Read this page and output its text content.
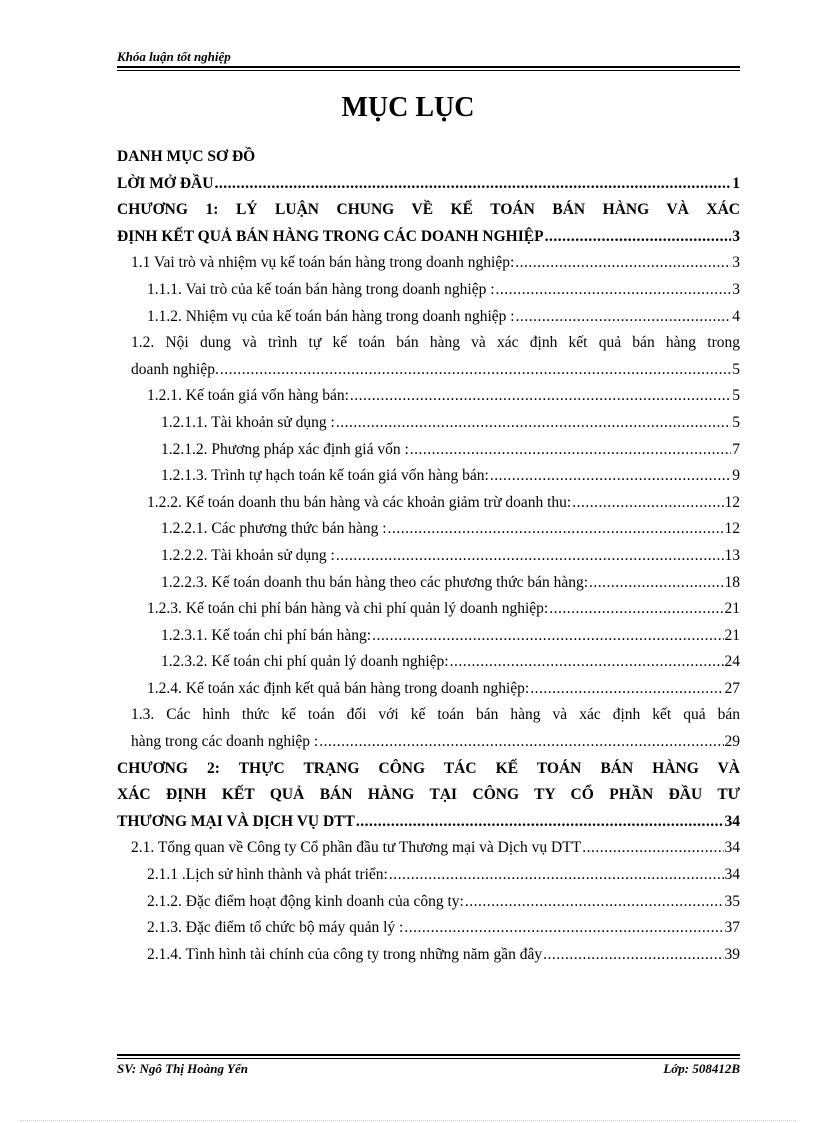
Khóa luận tốt nghiệp
MỤC LỤC
DANH MỤC SƠ ĐỒ
LỜI MỞ ĐẦU .....	1
CHƯƠNG 1: LÝ LUẬN CHUNG VỀ KẾ TOÁN BÁN HÀNG VÀ XÁC
ĐỊNH KẾT QUẢ BÁN HÀNG TRONG CÁC DOANH NGHIỆP .....	3
1.1 Vai trò và nhiệm vụ kế toán bán hàng trong doanh nghiệp: .....	3
1.1.1. Vai trò của kế toán bán hàng trong doanh nghiệp : .....	3
1.1.2. Nhiệm vụ của kế toán bán hàng trong doanh nghiệp : .....	4
1.2. Nội dung và trình tự kế toán bán hàng và xác định kết quả bán hàng trong
doanh nghiệp. .....	5
1.2.1. Kế toán giá vốn hàng bán: .....	5
1.2.1.1. Tài khoản sử dụng : .....	5
1.2.1.2. Phương pháp xác định giá vốn : .....	7
1.2.1.3. Trình tự hạch toán kế toán giá vốn hàng bán: .....	9
1.2.2. Kế toán doanh thu bán hàng và các khoản giảm trừ doanh thu: .....	12
1.2.2.1. Các phương thức bán hàng : .....	12
1.2.2.2. Tài khoản sử dụng : .....	13
1.2.2.3. Kế toán doanh thu bán hàng theo các phương thức bán hàng: .....	18
1.2.3. Kế toán chi phí bán hàng và chi phí quản lý doanh nghiệp: .....	21
1.2.3.1. Kế toán chi phí bán hàng: .....	21
1.2.3.2. Kế toán chi phí quản lý doanh nghiệp: .....	24
1.2.4. Kế toán xác định kết quả bán hàng trong doanh nghiệp: .....	27
1.3. Các hình thức kế toán đối với kế toán bán hàng và xác định kết quả bán
hàng trong các doanh nghiệp : .....	29
CHƯƠNG 2: THỰC TRẠNG CÔNG TÁC KẾ TOÁN BÁN HÀNG VÀ
XÁC ĐỊNH KẾT QUẢ BÁN HÀNG TẠI CÔNG TY CỔ PHẦN ĐẦU TƯ
THƯƠNG MẠI VÀ DỊCH VỤ DTT .....	34
2.1. Tổng quan về Công ty Cổ phần đầu tư Thương mại và Dịch vụ DTT .....	34
2.1.1 .Lịch sử hình thành và phát triển: .....	34
2.1.2. Đặc điểm hoạt động kinh doanh của công ty: .....	35
2.1.3. Đặc điểm tổ chức bộ máy quản lý : .....	37
2.1.4. Tình hình tài chính của công ty trong những năm gần đây .....	39
SV: Ngô Thị Hoàng Yến	Lớp: 508412B
